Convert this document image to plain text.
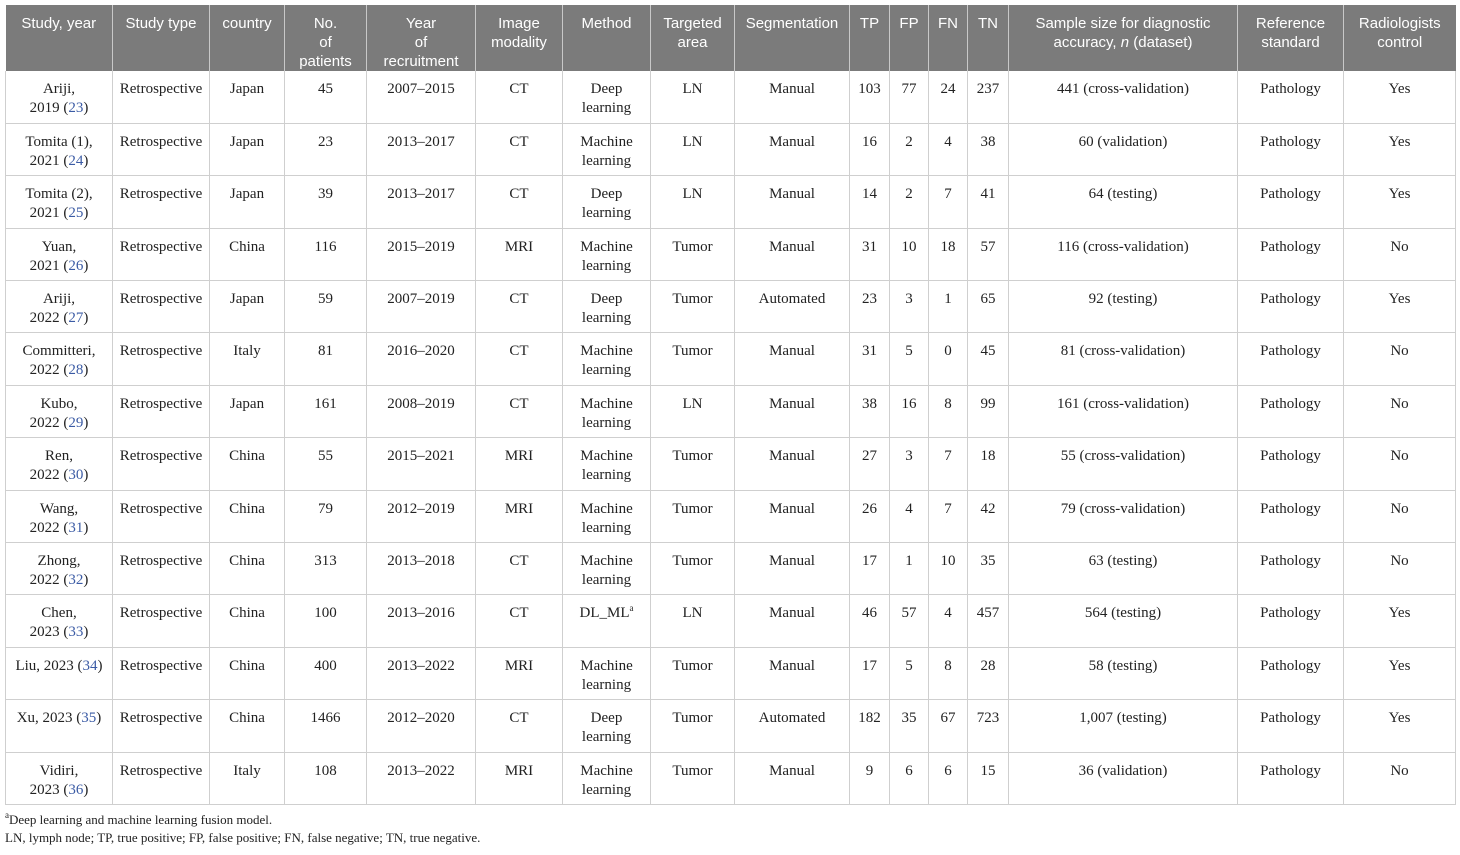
Study, year	Study type	country	No.
of
patients	Year
of
recruitment	Image
modality	Method	Targeted
area	Segmentation	TP	FP	FN	TN	Sample size for diagnostic accuracy, n (dataset)	Reference
standard	Radiologists
control
Ariji,
2019 (23)	Retrospective	Japan	45	2007–2015	CT	Deep
learning	LN	Manual	103	77	24	237	441 (cross-validation)	Pathology	Yes
Tomita (1),
2021 (24)	Retrospective	Japan	23	2013–2017	CT	Machine
learning	LN	Manual	16	2	4	38	60 (validation)	Pathology	Yes
Tomita (2),
2021 (25)	Retrospective	Japan	39	2013–2017	CT	Deep
learning	LN	Manual	14	2	7	41	64 (testing)	Pathology	Yes
Yuan,
2021 (26)	Retrospective	China	116	2015–2019	MRI	Machine
learning	Tumor	Manual	31	10	18	57	116 (cross-validation)	Pathology	No
Ariji,
2022 (27)	Retrospective	Japan	59	2007–2019	CT	Deep
learning	Tumor	Automated	23	3	1	65	92 (testing)	Pathology	Yes
Committeri,
2022 (28)	Retrospective	Italy	81	2016–2020	CT	Machine
learning	Tumor	Manual	31	5	0	45	81 (cross-validation)	Pathology	No
Kubo,
2022 (29)	Retrospective	Japan	161	2008–2019	CT	Machine
learning	LN	Manual	38	16	8	99	161 (cross-validation)	Pathology	No
Ren,
2022 (30)	Retrospective	China	55	2015–2021	MRI	Machine
learning	Tumor	Manual	27	3	7	18	55 (cross-validation)	Pathology	No
Wang,
2022 (31)	Retrospective	China	79	2012–2019	MRI	Machine
learning	Tumor	Manual	26	4	7	42	79 (cross-validation)	Pathology	No
Zhong,
2022 (32)	Retrospective	China	313	2013–2018	CT	Machine
learning	Tumor	Manual	17	1	10	35	63 (testing)	Pathology	No
Chen,
2023 (33)	Retrospective	China	100	2013–2016	CT	$DL\_ML^a$	LN	Manual	46	57	4	457	564 (testing)	Pathology	Yes
Liu, 2023 (34)	Retrospective	China	400	2013–2022	MRI	Machine
learning	Tumor	Manual	17	5	8	28	58 (testing)	Pathology	Yes
Xu, 2023 (35)	Retrospective	China	1466	2012–2020	CT	Deep
learning	Tumor	Automated	182	35	67	723	1,007 (testing)	Pathology	Yes
Vidiri,
2023 (36)	Retrospective	Italy	108	2013–2022	MRI	Machine
learning	Tumor	Manual	9	6	6	15	36 (validation)	Pathology	No

$^a$Deep learning and machine learning fusion model.

LN, lymph node; TP, true positive; FP, false positive; FN, false negative; TN, true negative.
